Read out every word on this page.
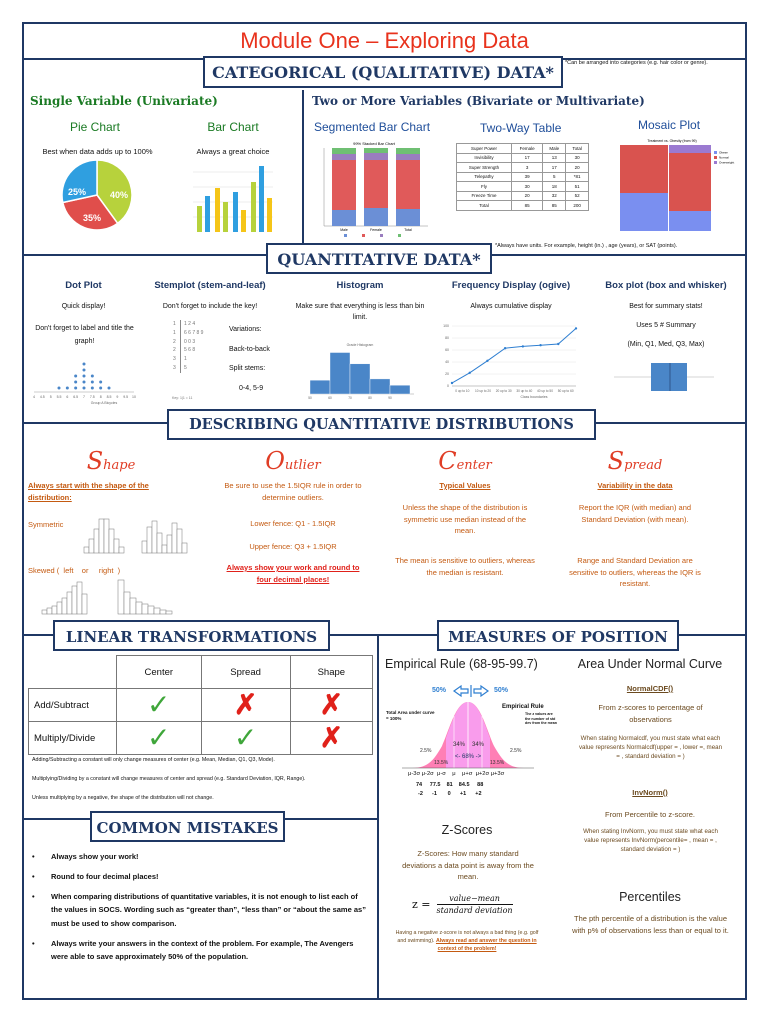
Module One – Exploring Data
CATEGORICAL (QUALITATIVE) DATA*	*Can be arranged into categories (e.g. hair color or genre).
Single Variable (Univariate)
Pie Chart
Best when data adds up to 100%
40%
25%
35%
Bar Chart
Always a great choice
Two or More Variables (Bivariate or Multivariate)
Segmented Bar Chart
99% Stacked Bar Chart
Male	Female	Total
Two-Way Table
Super Power	Female	Male	Total
Invisibility	17	13	30
Super Strength	3	17	20
Telepathy	39	5	*81
Fly	30	18	51
Freeze Time	20	32	52
Total	85	85	200
Mosaic Plot
Treatment vs. Obesity (from 99)
Obese
Normal
Overweight
*Always have units. For example, height (in.) , age (years), or SAT (points).
QUANTITATIVE DATA*
Dot Plot
Quick display!
Don't forget to label and title the graph!
4 4.5 5 5.5 6 6.5 7 7.5 8 8.5 9 9.5 10
Group A Bicycles
Stemplot (stem-and-leaf)
Don't forget to include the key!
1	1 2 4
1	6 6 7 8 9
2	0 0 3
2	5 6 8
3	1
3	5
Key: 1|1 = 11
Variations:
Back-to-back
Split stems:
0-4, 5-9
Histogram
Make sure that everything is less than bin limit.
Grade Histogram
50	60	70	80	90
Frequency Display (ogive)
Always cumulative display
0
20
40
60
80
100
0 up to 10 10 up to 20 20 up to 30 30 up to 40 40 up to 50 50 up to 60
Class boundaries
Box plot (box and whisker)
Best for summary stats!
Uses 5 # Summary
(Min, Q1, Med, Q3, Max)
DESCRIBING QUANTITATIVE DISTRIBUTIONS
Shape
Always start with the shape of the distribution:
Symmetric
Skewed (  left    or     right  )
Outlier
Be sure to use the 1.5IQR rule in order to determine outliers.
Lower fence: Q1 - 1.5IQR
Upper fence: Q3 + 1.5IQR
Always show your work and round to four decimal places!
Center
Typical Values
Unless the shape of the distribution is symmetric use median instead of the mean.
The mean is sensitive to outliers, whereas the median is resistant.
Spread
Variability in the data
Report the IQR (with median) and Standard Deviation (with mean).
Range and Standard Deviation are sensitive to outliers, whereas the IQR is resistant.
LINEAR TRANSFORMATIONS
	Center	Spread	Shape
Add/Subtract	✓	✗	✗
Multiply/Divide	✓	✓	✗
Adding/Subtracting a constant will only change measures of center (e.g. Mean, Median, Q1, Q3, Mode).
Multiplying/Dividing by a constant will change measures of center and spread (e.g. Standard Deviation, IQR, Range).
Unless multiplying by a negative, the shape of the distribution will not change.
COMMON MISTAKES
•	Always show your work!
•	Round to four decimal places!
•	When comparing distributions of quantitative variables, it is not enough to list each of the values in SOCS. Wording such as “greater than”, “less than” or “about the same as” must be used to show comparison.
•	Always write your answers in the context of the problem. For example, The Avengers were able to save approximately 50% of the population.
MEASURES OF POSITION
Empirical Rule (68-95-99.7)
50%	50%
Total Area under curve = 100%
Empirical Rule
The z values are the number of std dev from the mean
34% 34%
13.5%	13.5%
2.5%	2.5%
<- 68% ->
μ-3σ μ-2σ  μ-σ    μ    μ+σ  μ+2σ μ+3σ
74     77.5    81    84.5     88
-2      -1       0      +1      +2
Z-Scores
Z-Scores: How many standard deviations a data point is away from the mean.
z =	value−mean
standard deviation
Having a negative z-score is not always a bad thing (e.g. golf and swimming). Always read and answer the question in context of the problem!
Area Under Normal Curve
NormalCDF()
From z-scores to percentage of observations
When stating Normalcdf, you must state what each value represents Normalcdf(upper = , lower =, mean = , standard deviation = )
InvNorm()
From Percentile to z-score.
When stating InvNorm, you must state what each value represents InvNorm(percentile= , mean = , standard deviation = )
Percentiles
The pth percentile of a distribution is the value with p% of observations less than or equal to it.
